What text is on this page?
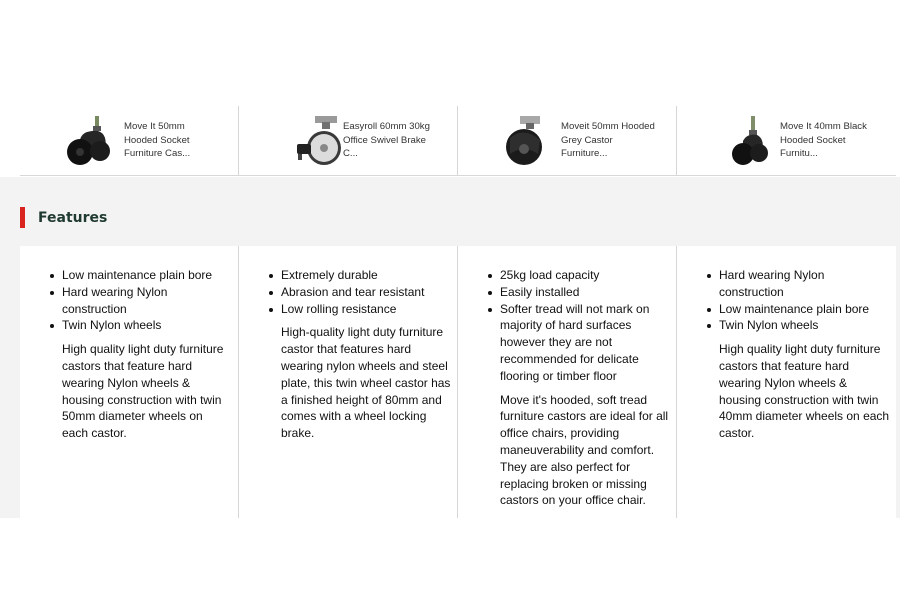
Move It 50mm Hooded Socket Furniture Cas...
Easyroll 60mm 30kg Office Swivel Brake C...
Moveit 50mm Hooded Grey Castor Furniture...
Move It 40mm Black Hooded Socket Furnitu...
Features
Low maintenance plain bore
Hard wearing Nylon construction
Twin Nylon wheels

High quality light duty furniture castors that feature hard wearing Nylon wheels & housing construction with twin 50mm diameter wheels on each castor.

Extremely durable
Abrasion and tear resistant
Low rolling resistance

High-quality light duty furniture castor that features hard wearing nylon wheels and steel plate, this twin wheel castor has a finished height of 80mm and comes with a wheel locking brake.

25kg load capacity
Easily installed
Softer tread will not mark on majority of hard surfaces however they are not recommended for delicate flooring or timber floor

Move it's hooded, soft tread furniture castors are ideal for all office chairs, providing maneuverability and comfort. They are also perfect for replacing broken or missing castors on your office chair.

Hard wearing Nylon construction
Low maintenance plain bore
Twin Nylon wheels

High quality light duty furniture castors that feature hard wearing Nylon wheels & housing construction with twin 40mm diameter wheels on each castor.
